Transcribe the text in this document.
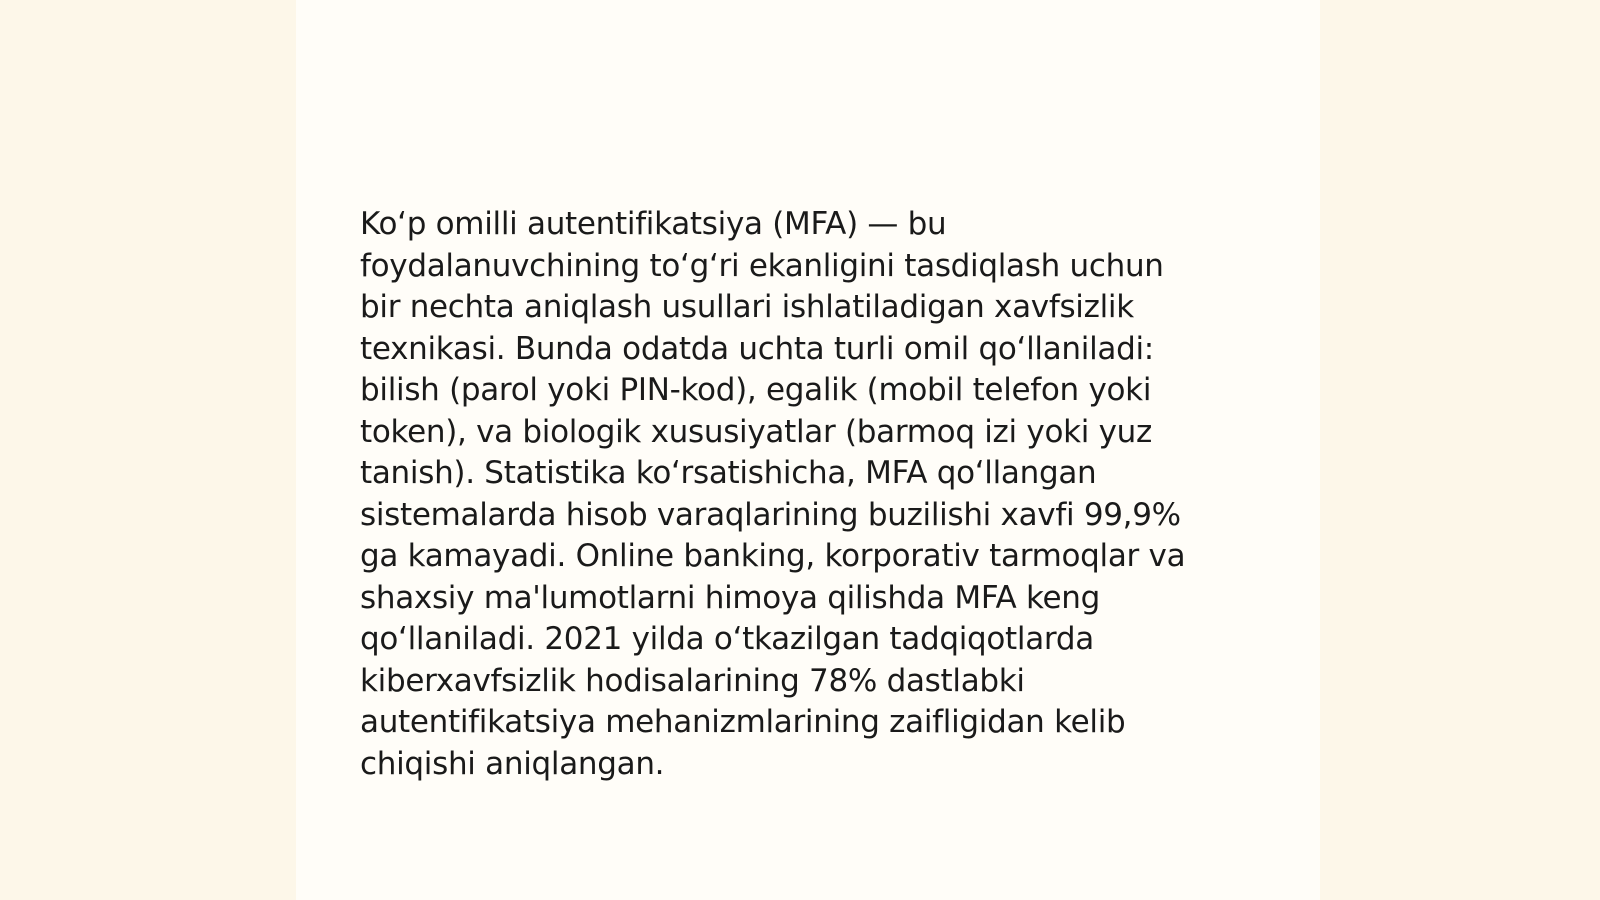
Ko‘p omilli autentifikatsiya (MFA) — bu
foydalanuvchining to‘g‘ri ekanligini tasdiqlash uchun
bir nechta aniqlash usullari ishlatiladigan xavfsizlik
texnikasi. Bunda odatda uchta turli omil qo‘llaniladi:
bilish (parol yoki PIN-kod), egalik (mobil telefon yoki
token), va biologik xususiyatlar (barmoq izi yoki yuz
tanish). Statistika ko‘rsatishicha, MFA qo‘llangan
sistemalarda hisob varaqlarining buzilishi xavfi 99,9%
ga kamayadi. Online banking, korporativ tarmoqlar va
shaxsiy ma'lumotlarni himoya qilishda MFA keng
qo‘llaniladi. 2021 yilda o‘tkazilgan tadqiqotlarda
kiberxavfsizlik hodisalarining 78% dastlabki
autentifikatsiya mehanizmlarining zaifligidan kelib
chiqishi aniqlangan.
